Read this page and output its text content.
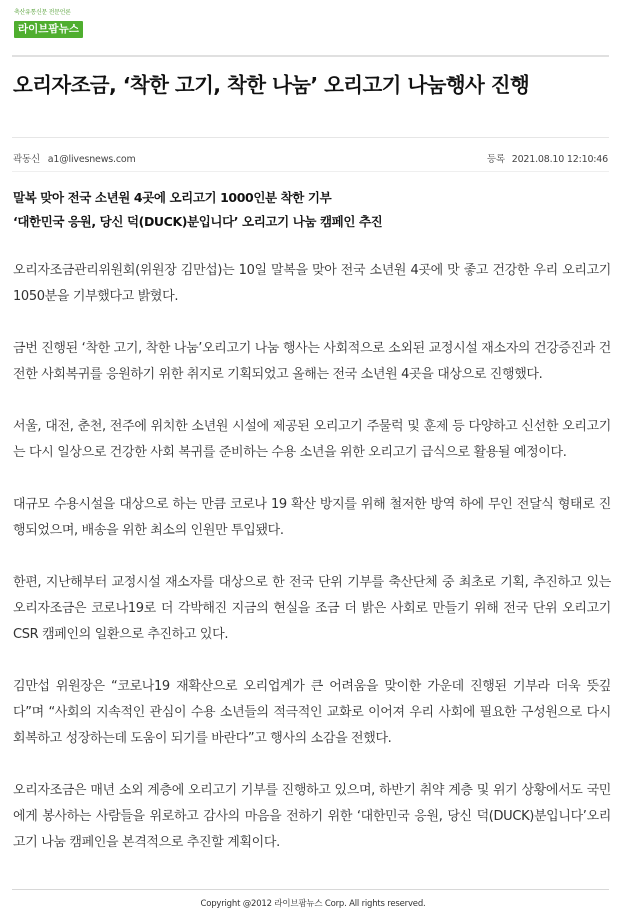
축산유통신문 전문언론
라이브팜뉴스
오리자조금, ‘착한 고기, 착한 나눔’ 오리고기 나눔행사 진행
곽동신 a1@livesnews.com	등록 2021.08.10 12:10:46
말복 맞아 전국 소년원 4곳에 오리고기 1000인분 착한 기부
‘대한민국 응원, 당신 덕(DUCK)분입니다’ 오리고기 나눔 캠페인 추진

오리자조금관리위원회(위원장 김만섭)는 10일 말복을 맞아 전국 소년원 4곳에 맛 좋고 건강한 우리 오리고기 1050분을 기부했다고 밝혔다.

금번 진행된 ‘착한 고기, 착한 나눔’오리고기 나눔 행사는 사회적으로 소외된 교정시설 재소자의 건강증진과 건전한 사회복귀를 응원하기 위한 취지로 기획되었고 올해는 전국 소년원 4곳을 대상으로 진행했다.

서울, 대전, 춘천, 전주에 위치한 소년원 시설에 제공된 오리고기 주물럭 및 훈제 등 다양하고 신선한 오리고기는 다시 일상으로 건강한 사회 복귀를 준비하는 수용 소년을 위한 오리고기 급식으로 활용될 예정이다.

대규모 수용시설을 대상으로 하는 만큼 코로나 19 확산 방지를 위해 철저한 방역 하에 무인 전달식 형태로 진행되었으며, 배송을 위한 최소의 인원만 투입됐다.

한편, 지난해부터 교정시설 재소자를 대상으로 한 전국 단위 기부를 축산단체 중 최초로 기획, 추진하고 있는 오리자조금은 코로나19로 더 각박해진 지금의 현실을 조금 더 밝은 사회로 만들기 위해 전국 단위 오리고기 CSR 캠페인의 일환으로 추진하고 있다.

김만섭 위원장은 “코로나19 재확산으로 오리업계가 큰 어려움을 맞이한 가운데 진행된 기부라 더욱 뜻깊다”며 “사회의 지속적인 관심이 수용 소년들의 적극적인 교화로 이어져 우리 사회에 필요한 구성원으로 다시 회복하고 성장하는데 도움이 되기를 바란다”고 행사의 소감을 전했다.

오리자조금은 매년 소외 계층에 오리고기 기부를 진행하고 있으며, 하반기 취약 계층 및 위기 상황에서도 국민에게 봉사하는 사람들을 위로하고 감사의 마음을 전하기 위한 ‘대한민국 응원, 당신 덕(DUCK)분입니다’오리고기 나눔 캠페인을 본격적으로 추진할 계획이다.

Copyright @2012 라이브팜뉴스 Corp. All rights reserved.
